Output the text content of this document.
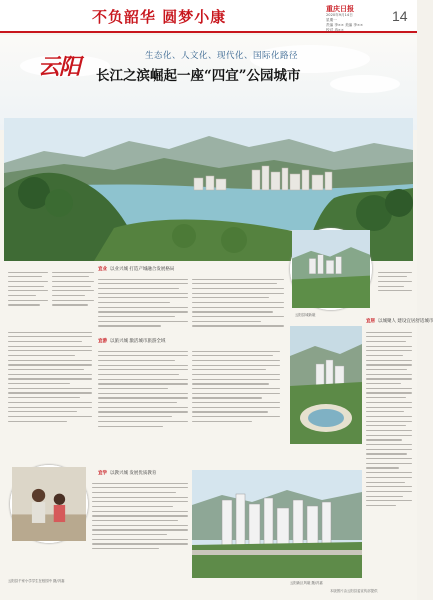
不负韶华 圆梦小康	重庆日报
2020年9月14日
星期一
责编 李×× 美编 李××
校对 冉××
14
云阳	生态化、人文化、现代化、国际化路径
长江之滨崛起一座“四宜”公园城市
宜业 以业兴城 打造产城融合发展格局
云阳县城新貌
宜居 以城聚人 建设宜居舒适城市
宜游 以旅兴城 激活城市旅游全域
云阳县千家小学学生在校园中 摄/冯嘉
宜学 以教兴城 发展优质教育
云阳新区风貌 摄/冯嘉
本版图片由云阳县委宣传部提供
